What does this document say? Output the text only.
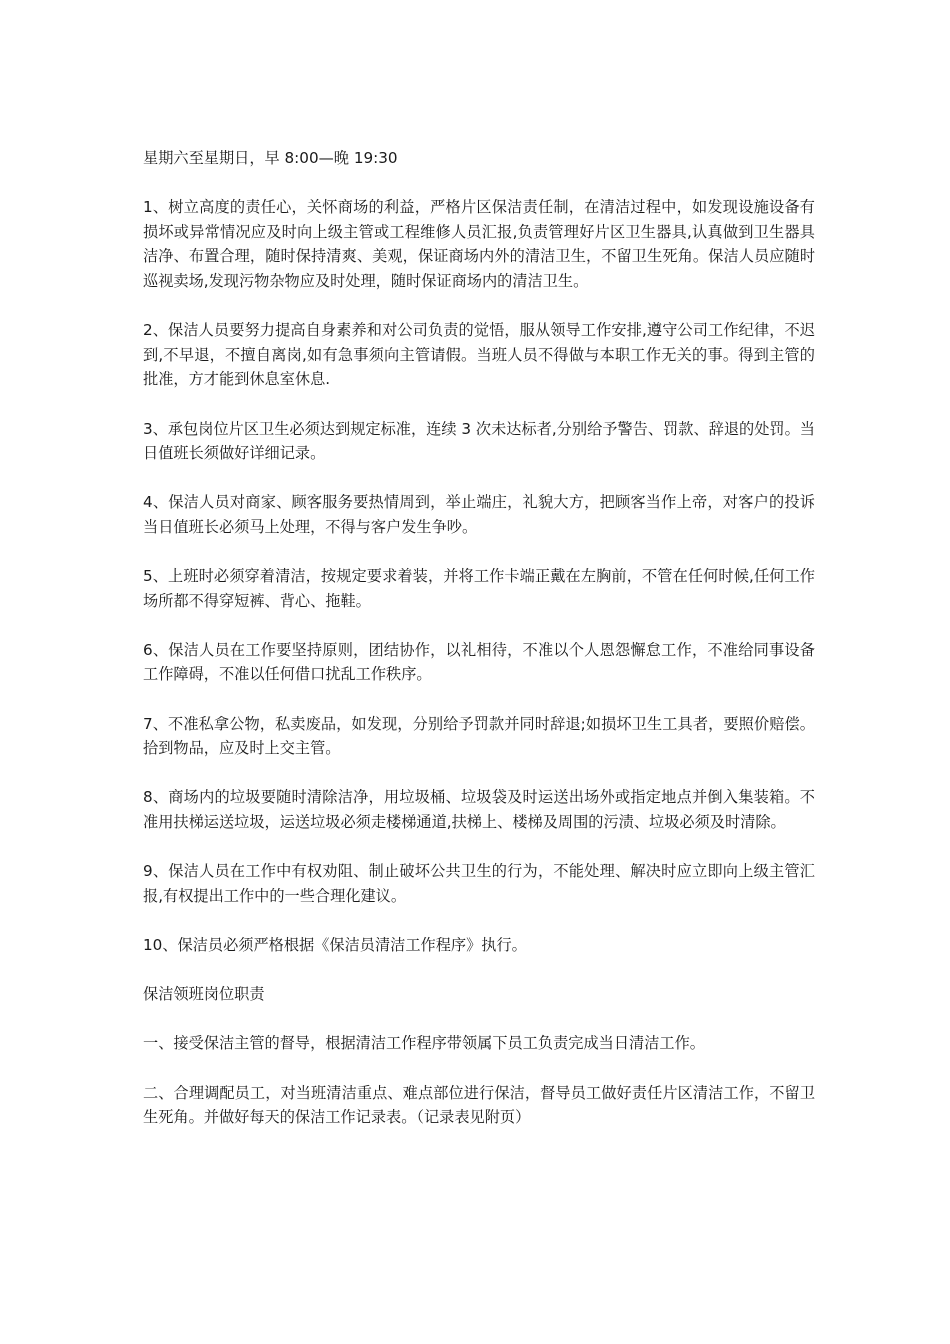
星期六至星期日，早 8:00—晚 19:30

1、树立高度的责任心，关怀商场的利益，严格片区保洁责任制，在清洁过程中，如发现设施设备有损坏或异常情况应及时向上级主管或工程维修人员汇报,负责管理好片区卫生器具,认真做到卫生器具洁净、布置合理，随时保持清爽、美观，保证商场内外的清洁卫生，不留卫生死角。保洁人员应随时巡视卖场,发现污物杂物应及时处理，随时保证商场内的清洁卫生。

2、保洁人员要努力提高自身素养和对公司负责的觉悟，服从领导工作安排,遵守公司工作纪律，不迟到,不早退，不擅自离岗,如有急事须向主管请假。当班人员不得做与本职工作无关的事。得到主管的批准，方才能到休息室休息.

3、承包岗位片区卫生必须达到规定标准，连续 3 次未达标者,分别给予警告、罚款、辞退的处罚。当日值班长须做好详细记录。

4、保洁人员对商家、顾客服务要热情周到，举止端庄，礼貌大方，把顾客当作上帝，对客户的投诉当日值班长必须马上处理，不得与客户发生争吵。

5、上班时必须穿着清洁，按规定要求着装，并将工作卡端正戴在左胸前，不管在任何时候,任何工作场所都不得穿短裤、背心、拖鞋。

6、保洁人员在工作要坚持原则，团结协作，以礼相待，不准以个人恩怨懈怠工作，不准给同事设备工作障碍，不准以任何借口扰乱工作秩序。

7、不准私拿公物，私卖废品，如发现，分别给予罚款并同时辞退;如损坏卫生工具者，要照价赔偿。拾到物品，应及时上交主管。

8、商场内的垃圾要随时清除洁净，用垃圾桶、垃圾袋及时运送出场外或指定地点并倒入集装箱。不准用扶梯运送垃圾，运送垃圾必须走楼梯通道,扶梯上、楼梯及周围的污渍、垃圾必须及时清除。

9、保洁人员在工作中有权劝阻、制止破坏公共卫生的行为，不能处理、解决时应立即向上级主管汇报,有权提出工作中的一些合理化建议。

10、保洁员必须严格根据《保洁员清洁工作程序》执行。

保洁领班岗位职责

一、接受保洁主管的督导，根据清洁工作程序带领属下员工负责完成当日清洁工作。

二、合理调配员工，对当班清洁重点、难点部位进行保洁，督导员工做好责任片区清洁工作，不留卫生死角。并做好每天的保洁工作记录表。（记录表见附页）
